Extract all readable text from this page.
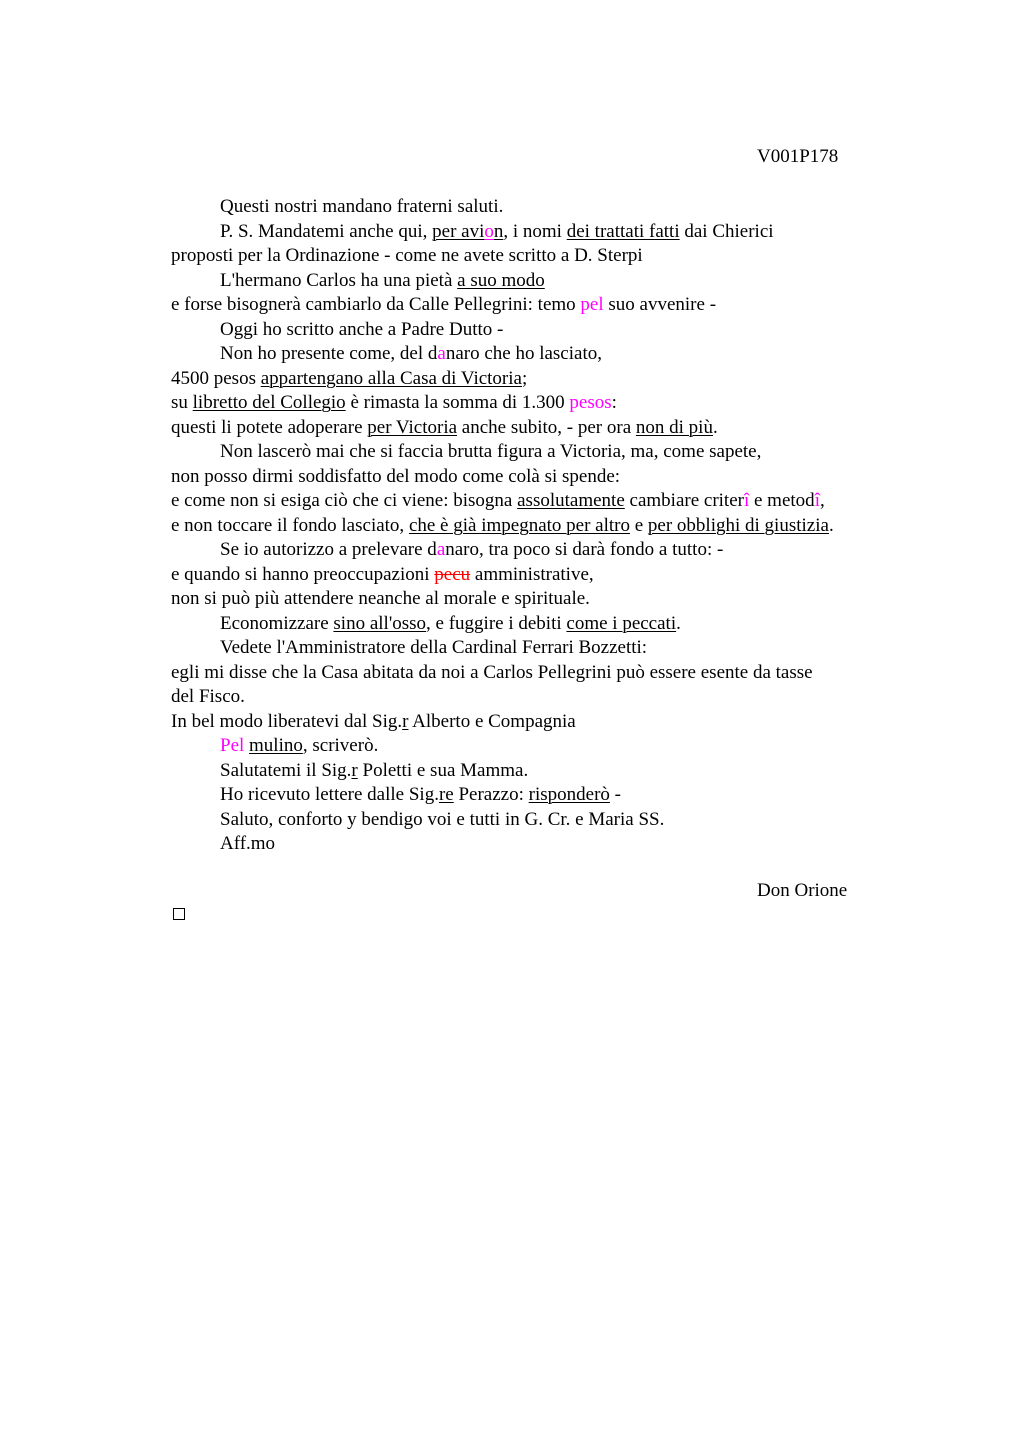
V001P178
Questi nostri mandano fraterni saluti.
P. S. Mandatemi anche qui, per avion, i nomi dei trattati fatti dai Chierici
proposti per la Ordinazione - come ne avete scritto a D. Sterpi
L'hermano Carlos ha una pietà a suo modo
e forse bisognerà cambiarlo da Calle Pellegrini: temo pel suo avvenire -
Oggi ho scritto anche a Padre Dutto -
Non ho presente come, del danaro che ho lasciato,
4500 pesos appartengano alla Casa di Victoria;
su libretto del Collegio è rimasta la somma di 1.300 pesos:
questi li potete adoperare per Victoria anche subito, - per ora non di più.
Non lascerò mai che si faccia brutta figura a Victoria, ma, come sapete,
non posso dirmi soddisfatto del modo come colà si spende:
e come non si esiga ciò che ci viene: bisogna assolutamente cambiare criterî e metodî,
e non toccare il fondo lasciato, che è già impegnato per altro e per obblighi di giustizia.
Se io autorizzo a prelevare danaro, tra poco si darà fondo a tutto: -
e quando si hanno preoccupazioni pecu amministrative,
non si può più attendere neanche al morale e spirituale.
Economizzare sino all'osso, e fuggire i debiti come i peccati.
Vedete l'Amministratore della Cardinal Ferrari Bozzetti:
egli mi disse che la Casa abitata da noi a Carlos Pellegrini può essere esente da tasse
del Fisco.
In bel modo liberatevi dal Sig.r Alberto e Compagnia
Pel mulino, scriverò.
Salutatemi il Sig.r Poletti e sua Mamma.
Ho ricevuto lettere dalle Sig.re Perazzo: risponderò -
Saluto, conforto y bendigo voi e tutti in G. Cr. e Maria SS.
Aff.mo
Don Orione
